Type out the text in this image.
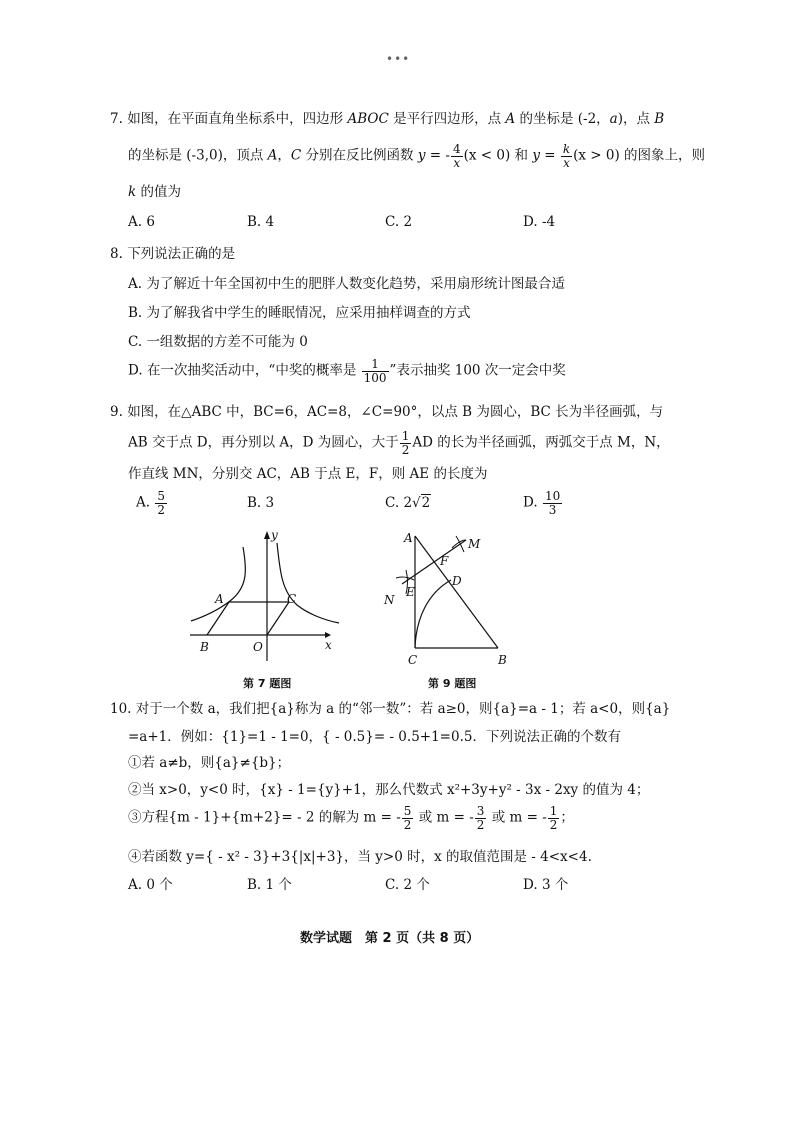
•••
7. 如图，在平面直角坐标系中，四边形 ABOC 是平行四边形，点 A 的坐标是 (-2，a)，点 B
的坐标是 (-3,0)，顶点 A，C 分别在反比例函数 y = - $\frac{4}{x} (x < 0)$ 和 $y = \frac{k}{x} (x > 0)$ 的图象上，则
k 的值为
A. 6	B. 4	C. 2	D. -4
8. 下列说法正确的是
A. 为了解近十年全国初中生的肥胖人数变化趋势，采用扇形统计图最合适
B. 为了解我省中学生的睡眠情况，应采用抽样调查的方式
C. 一组数据的方差不可能为 0
D. 在一次抽奖活动中，“中奖的概率是 $\frac{1}{100}$ ”表示抽奖 100 次一定会中奖
9. 如图，在△ABC 中，BC=6，AC=8，∠C=90°，以点 B 为圆心，BC 长为半径画弧，与
AB 交于点 D，再分别以 A，D 为圆心，大于 $\frac{1}{2}$ AD 的长为半径画弧，两弧交于点 M，N，
作直线 MN，分别交 AC，AB 于点 E，F，则 AE 的长度为
A. $\frac{5}{2}$	B. 3	C. 2√2	D. $\frac{10}{3}$
A	C
B	O	x
y
第 7 题图
A	M
F
D
N
E
C	B
第 9 题图
10. 对于一个数 a，我们把{a}称为 a 的“邻一数”：若 a≥0，则{a}=a - 1；若 a<0，则{a}
=a+1．例如：{1}=1 - 1=0，{ - 0.5}= - 0.5+1=0.5．下列说法正确的个数有
①若 a≠b，则{a}≠{b}；
②当 x>0，y<0 时，{x} - 1={y}+1，那么代数式 x²+3y+y² - 3x - 2xy 的值为 4；
③方程{m - 1}+{m+2}= - 2 的解为 m = - $\frac{5}{2}$ 或 m = - $\frac{3}{2}$ 或 m = - $\frac{1}{2}$ ；
④若函数 y={ - x² - 3}+3{|x|+3}，当 y>0 时，x 的取值范围是 - 4<x<4.
A. 0 个	B. 1 个	C. 2 个	D. 3 个
数学试题　第 2 页（共 8 页）
